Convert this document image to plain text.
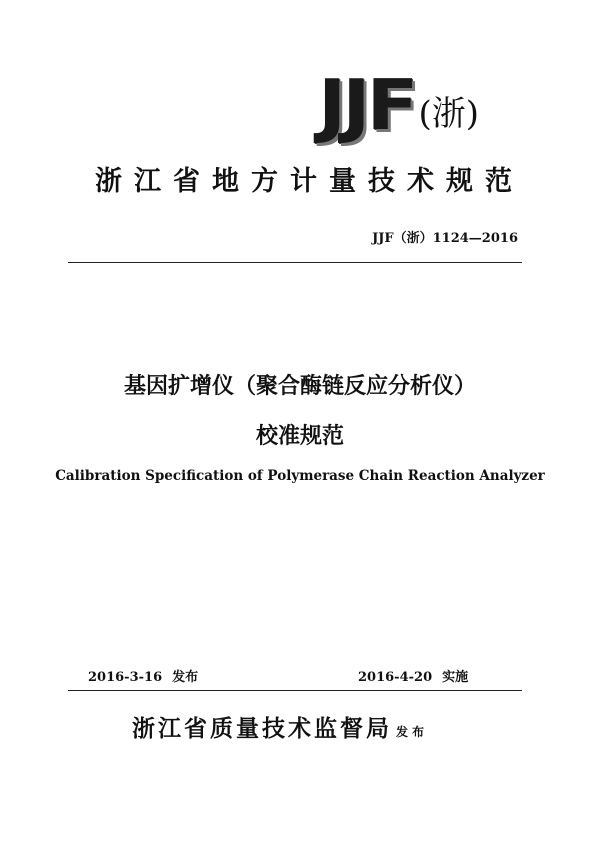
JJF (浙)
浙江省地方计量技术规范
JJF（浙）1124—2016
基因扩增仪（聚合酶链反应分析仪）
校准规范
Calibration Specification of Polymerase Chain Reaction Analyzer
2016-3-16 发布	2016-4-20 实施
浙江省质量技术监督局 发布
